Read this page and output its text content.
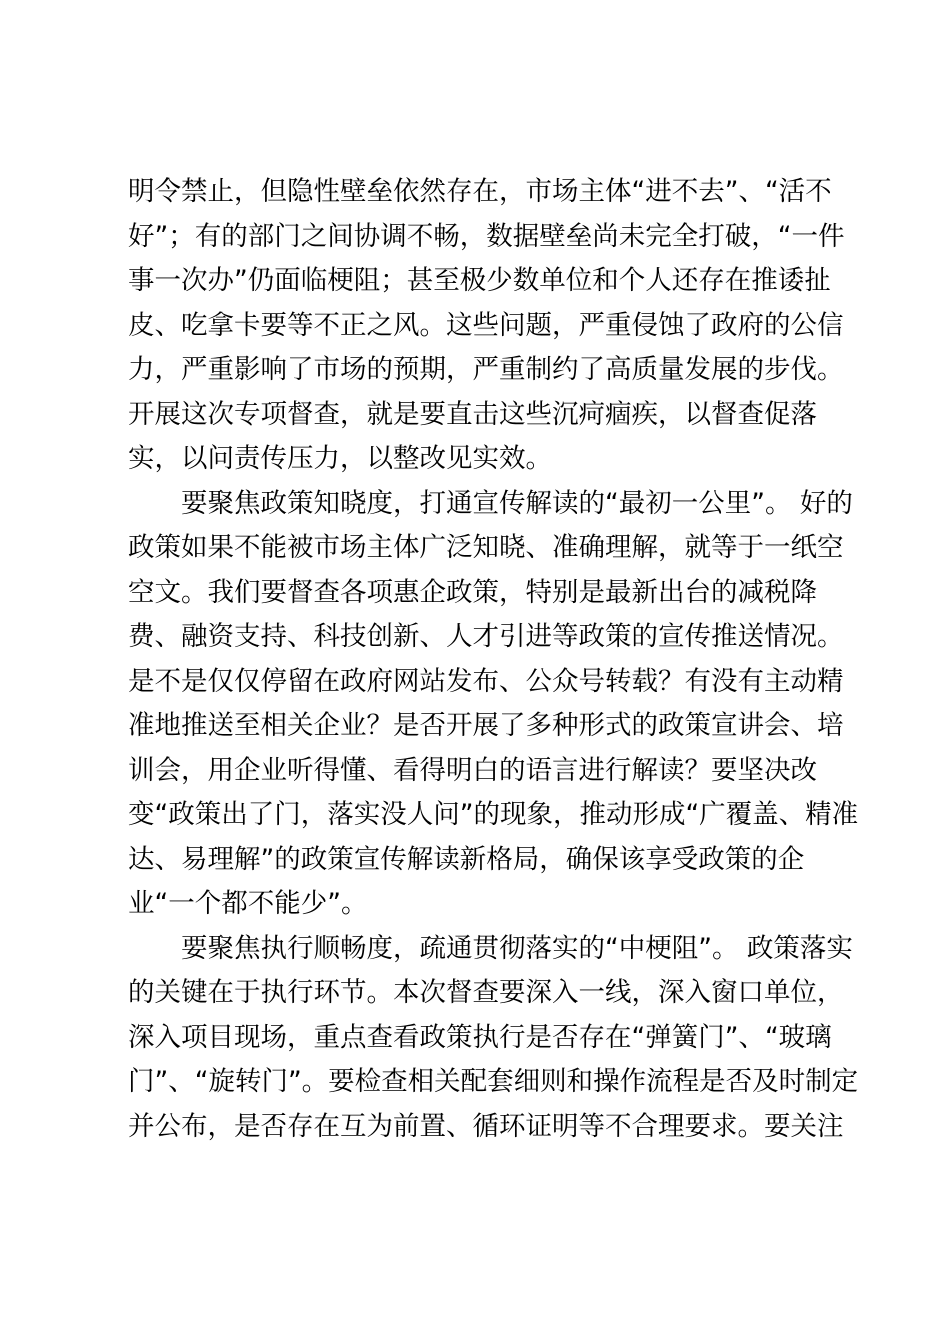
明令禁止，但隐性壁垒依然存在，市场主体“进不去”、“活不
好”；有的部门之间协调不畅，数据壁垒尚未完全打破，“一件
事一次办”仍面临梗阻；甚至极少数单位和个人还存在推诿扯
皮、吃拿卡要等不正之风。这些问题，严重侵蚀了政府的公信
力，严重影响了市场的预期，严重制约了高质量发展的步伐。
开展这次专项督查，就是要直击这些沉疴痼疾，以督查促落
实，以问责传压力，以整改见实效。
要聚焦政策知晓度，打通宣传解读的“最初一公里”。 好的
政策如果不能被市场主体广泛知晓、准确理解，就等于一纸空
空文。我们要督查各项惠企政策，特别是最新出台的减税降
费、融资支持、科技创新、人才引进等政策的宣传推送情况。
是不是仅仅停留在政府网站发布、公众号转载？有没有主动精
准地推送至相关企业？是否开展了多种形式的政策宣讲会、培
训会，用企业听得懂、看得明白的语言进行解读？要坚决改
变“政策出了门，落实没人问”的现象，推动形成“广覆盖、精准
达、易理解”的政策宣传解读新格局，确保该享受政策的企
业“一个都不能少”。
要聚焦执行顺畅度，疏通贯彻落实的“中梗阻”。 政策落实
的关键在于执行环节。本次督查要深入一线，深入窗口单位，
深入项目现场，重点查看政策执行是否存在“弹簧门”、“玻璃
门”、“旋转门”。要检查相关配套细则和操作流程是否及时制定
并公布，是否存在互为前置、循环证明等不合理要求。要关注
